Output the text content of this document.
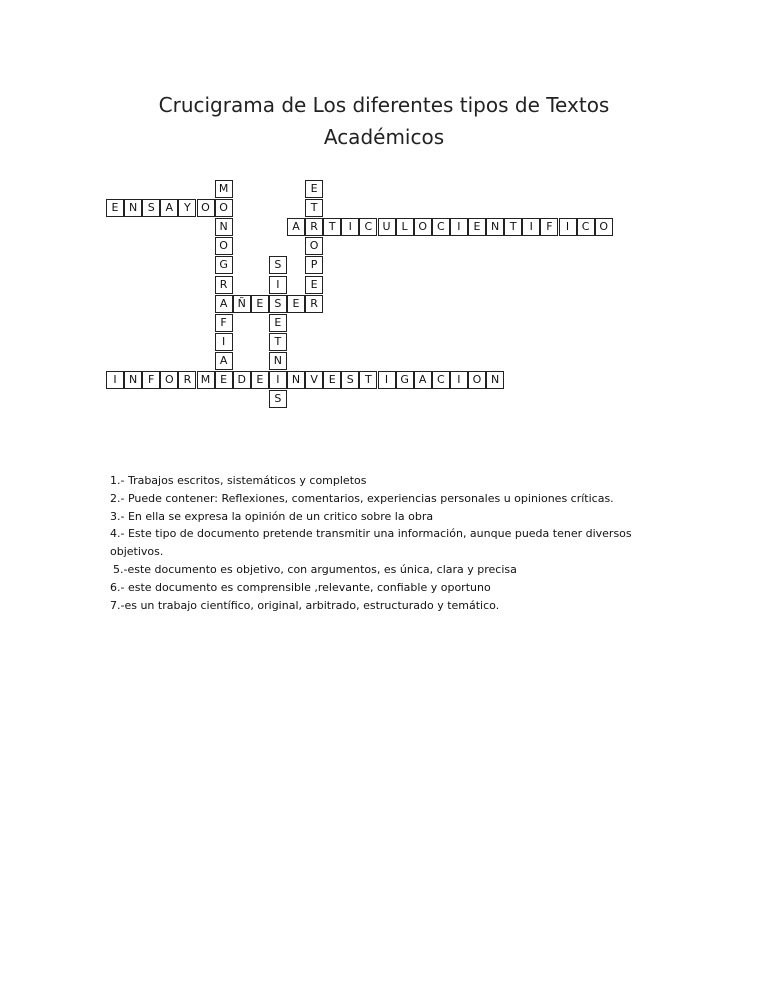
Crucigrama de Los diferentes tipos de Textos
Académicos
E N S A Y O
A R T	I	C U L O C	I	E N T	I	F	I	C O
A Ñ E	S	E R
I	N F O R M E D E	I	N V E	S	T	I	G A C	I	O N
M
O
N
O
G
R
F
I
A
S
I
E
T
N
S
E
T
O
P
E

1.- Trabajos escritos, sistemáticos y completos

2.- Puede contener: Reflexiones, comentarios, experiencias personales u opiniones críticas.

3.- En ella se expresa la opinión de un critico sobre la obra

4.- Este tipo de documento pretende transmitir una información, aunque pueda tener diversos objetivos.

5.-este documento es objetivo, con argumentos, es única, clara y precisa

6.- este documento es comprensible ,relevante, confiable y oportuno

7.-es un trabajo científico, original, arbitrado, estructurado y temático.
